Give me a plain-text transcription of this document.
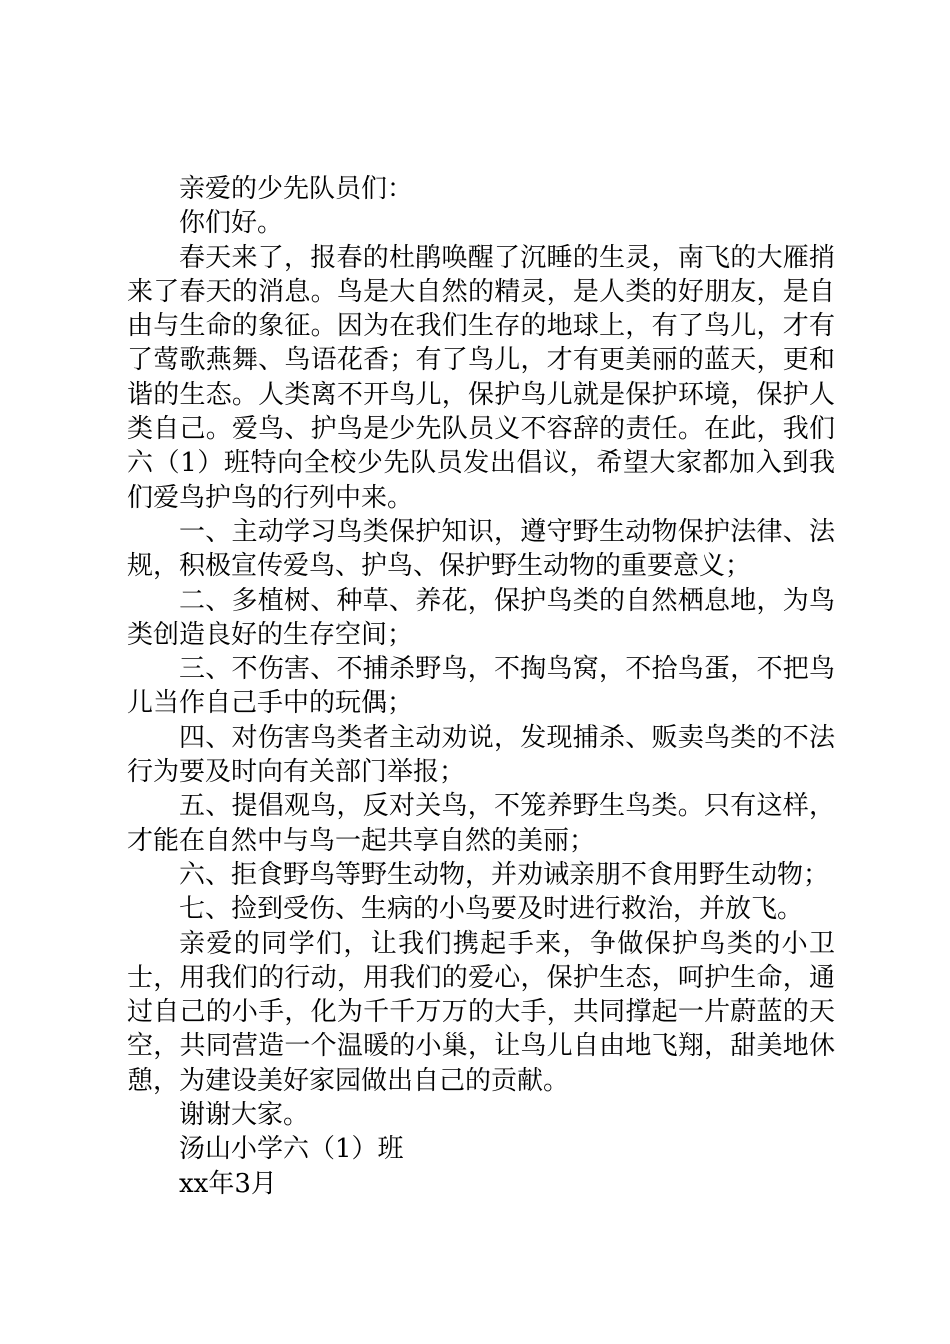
亲爱的少先队员们：

你们好。

春天来了，报春的杜鹃唤醒了沉睡的生灵，南飞的大雁捎来了春天的消息。鸟是大自然的精灵，是人类的好朋友，是自由与生命的象征。因为在我们生存的地球上，有了鸟儿，才有了莺歌燕舞、鸟语花香；有了鸟儿，才有更美丽的蓝天，更和谐的生态。人类离不开鸟儿，保护鸟儿就是保护环境，保护人类自己。爱鸟、护鸟是少先队员义不容辞的责任。在此，我们六（1）班特向全校少先队员发出倡议，希望大家都加入到我们爱鸟护鸟的行列中来。

一、主动学习鸟类保护知识，遵守野生动物保护法律、法规，积极宣传爱鸟、护鸟、保护野生动物的重要意义；

二、多植树、种草、养花，保护鸟类的自然栖息地，为鸟类创造良好的生存空间；

三、不伤害、不捕杀野鸟，不掏鸟窝，不拾鸟蛋，不把鸟儿当作自己手中的玩偶；

四、对伤害鸟类者主动劝说，发现捕杀、贩卖鸟类的不法行为要及时向有关部门举报；

五、提倡观鸟，反对关鸟，不笼养野生鸟类。只有这样，才能在自然中与鸟一起共享自然的美丽；

六、拒食野鸟等野生动物，并劝诫亲朋不食用野生动物；

七、捡到受伤、生病的小鸟要及时进行救治，并放飞。

亲爱的同学们，让我们携起手来，争做保护鸟类的小卫士，用我们的行动，用我们的爱心，保护生态，呵护生命，通过自己的小手，化为千千万万的大手，共同撑起一片蔚蓝的天空，共同营造一个温暖的小巢，让鸟儿自由地飞翔，甜美地休憩，为建设美好家园做出自己的贡献。

谢谢大家。

汤山小学六（1）班

xx年3月
